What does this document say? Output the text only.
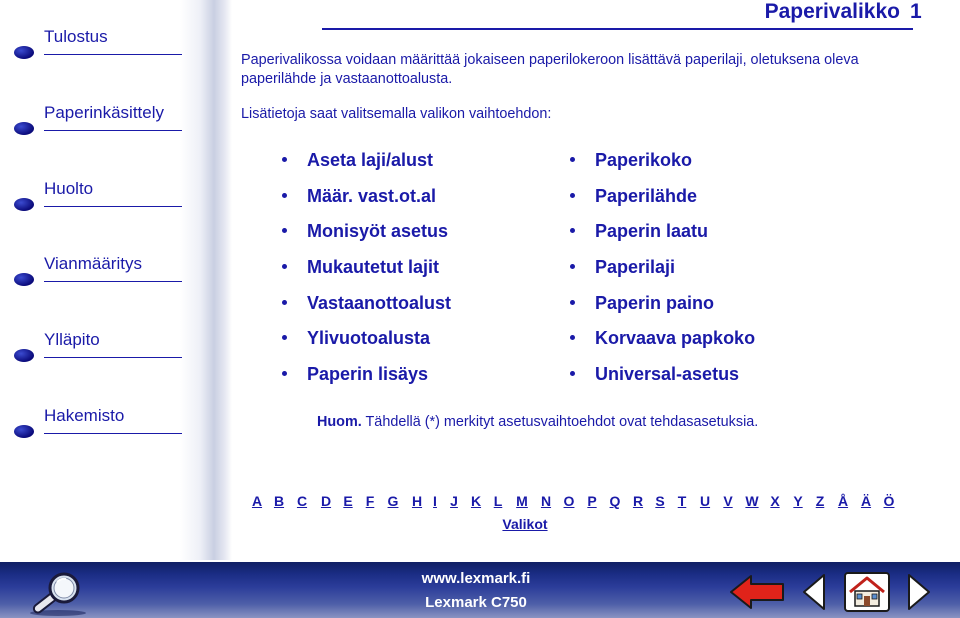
Paperivalikko 1
Tulostus
Paperinkäsittely
Huolto
Vianmääritys
Ylläpito
Hakemisto
Paperivalikossa voidaan määrittää jokaiseen paperilokeroon lisättävä paperilaji, oletuksena oleva paperilähde ja vastaanottoalusta.
Lisätietoja saat valitsemalla valikon vaihtoehdon:
Aseta laji/alust
Määr. vast.ot.al
Monisyöt asetus
Mukautetut lajit
Vastaanottoalust
Ylivuotoalusta
Paperin lisäys
Paperikoko
Paperilähde
Paperin laatu
Paperilaji
Paperin paino
Korvaava papkoko
Universal-asetus
Huom. Tähdellä (*) merkityt asetusvaihtoehdot ovat tehdasasetuksia.
A B C D E F G H I J K L M N O P Q R S T U V W X Y Z Å Ä Ö
Valikot
www.lexmark.fi
Lexmark C750
